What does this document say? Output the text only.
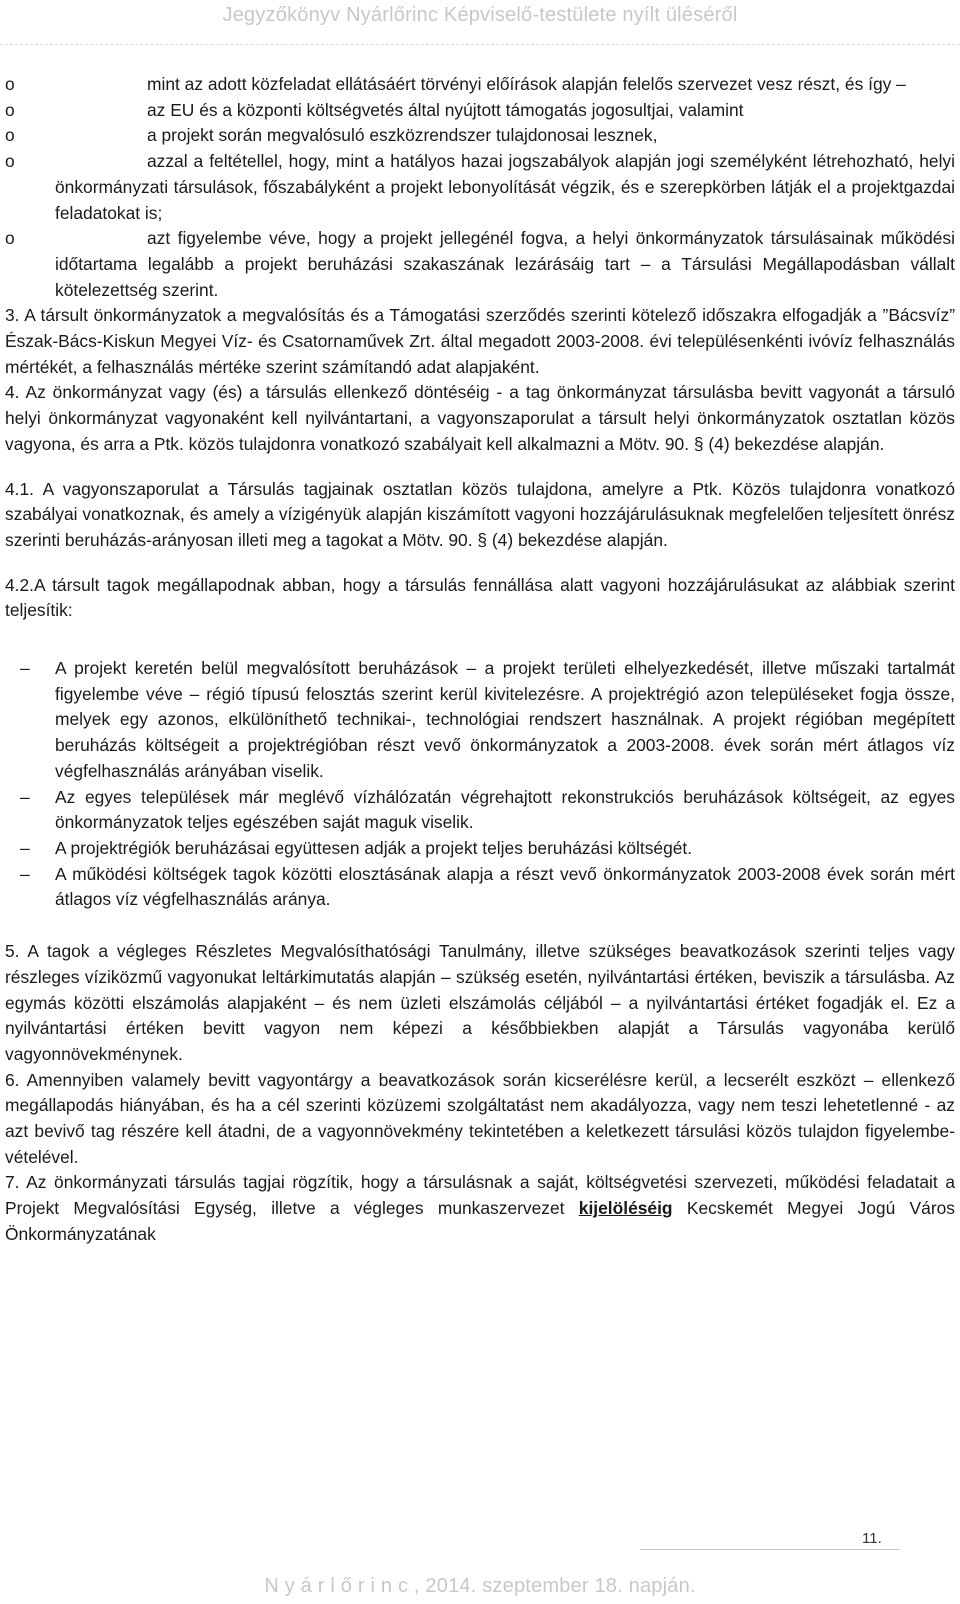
Jegyzőkönyv Nyárlőrinc Képviselő-testülete nyílt üléséről
o	mint az adott közfeladat ellátásáért törvényi előírások alapján felelős szervezet vesz részt, és így –
o	az EU és a központi költségvetés által nyújtott támogatás jogosultjai, valamint
o	a projekt során megvalósuló eszközrendszer tulajdonosai lesznek,
o	azzal a feltétellel, hogy, mint a hatályos hazai jogszabályok alapján jogi személyként létrehozható, helyi önkormányzati társulások, főszabályként a projekt lebonyolítását végzik, és e szerepkörben látják el a projektgazdai feladatokat is;
o	azt figyelembe véve, hogy a projekt jellegénél fogva, a helyi önkormányzatok társulásainak működési időtartama legalább a projekt beruházási szakaszának lezárásáig tart – a Társulási Megállapodásban vállalt kötelezettség szerint.

3. A társult önkormányzatok a megvalósítás és a Támogatási szerződés szerinti kötelező időszakra elfogadják a ”Bácsvíz” Észak-Bács-Kiskun Megyei Víz- és Csatornaművek Zrt. által megadott 2003-2008. évi településenkénti ivóvíz felhasználás mértékét, a felhasználás mértéke szerint számítandó adat alapjaként.

4. Az önkormányzat vagy (és) a társulás ellenkező döntéséig - a tag önkormányzat társulásba bevitt vagyonát a társuló helyi önkormányzat vagyonaként kell nyilvántartani, a vagyonszaporulat a társult helyi önkormányzatok osztatlan közös vagyona, és arra a Ptk. közös tulajdonra vonatkozó szabályait kell alkalmazni a Mötv. 90. § (4) bekezdése alapján.

4.1. A vagyonszaporulat a Társulás tagjainak osztatlan közös tulajdona, amelyre a Ptk. Közös tulajdonra vonatkozó szabályai vonatkoznak, és amely a vízigényük alapján kiszámított vagyoni hozzájárulásuknak megfelelően teljesített önrész szerinti beruházás-arányosan illeti meg a tagokat a Mötv. 90. § (4) bekezdése alapján.

4.2.A társult tagok megállapodnak abban, hogy a társulás fennállása alatt vagyoni hozzájárulásukat az alábbiak szerint teljesítik:

– A projekt keretén belül megvalósított beruházások – a projekt területi elhelyezkedését, illetve műszaki tartalmát figyelembe véve – régió típusú felosztás szerint kerül kivitelezésre. A projektrégió azon településeket fogja össze, melyek egy azonos, elkülöníthető technikai-, technológiai rendszert használnak. A projekt régióban megépített beruházás költségeit a projektrégióban részt vevő önkormányzatok a 2003-2008. évek során mért átlagos víz végfelhasználás arányában viselik.
– Az egyes települések már meglévő vízhálózatán végrehajtott rekonstrukciós beruházások költségeit, az egyes önkormányzatok teljes egészében saját maguk viselik.
– A projektrégiók beruházásai együttesen adják a projekt teljes beruházási költségét.
– A működési költségek tagok közötti elosztásának alapja a részt vevő önkormányzatok 2003-2008 évek során mért átlagos víz végfelhasználás aránya.

5. A tagok a végleges Részletes Megvalósíthatósági Tanulmány, illetve szükséges beavatkozások szerinti teljes vagy részleges víziközmű vagyonukat leltárkimutatás alapján – szükség esetén, nyilvántartási értéken, beviszik a társulásba. Az egymás közötti elszámolás alapjaként – és nem üzleti elszámolás céljából – a nyilvántartási értéket fogadják el. Ez a nyilvántartási értéken bevitt vagyon nem képezi a későbbiekben alapját a Társulás vagyonába kerülő vagyonnövekménynek.

6. Amennyiben valamely bevitt vagyontárgy a beavatkozások során kicserélésre kerül, a lecserélt eszközt – ellenkező megállapodás hiányában, és ha a cél szerinti közüzemi szolgáltatást nem akadályozza, vagy nem teszi lehetetlenné - az azt bevivő tag részére kell átadni, de a vagyonnövekmény tekintetében a keletkezett társulási közös tulajdon figyelembe-vételével.

7. Az önkormányzati társulás tagjai rögzítik, hogy a társulásnak a saját, költségvetési szervezeti, működési feladatait a Projekt Megvalósítási Egység, illetve a végleges munkaszervezet kijelöléséig Kecskemét Megyei Jogú Város Önkormányzatának

11.
N y á r l ő r i n c , 2014. szeptember 18. napján.
